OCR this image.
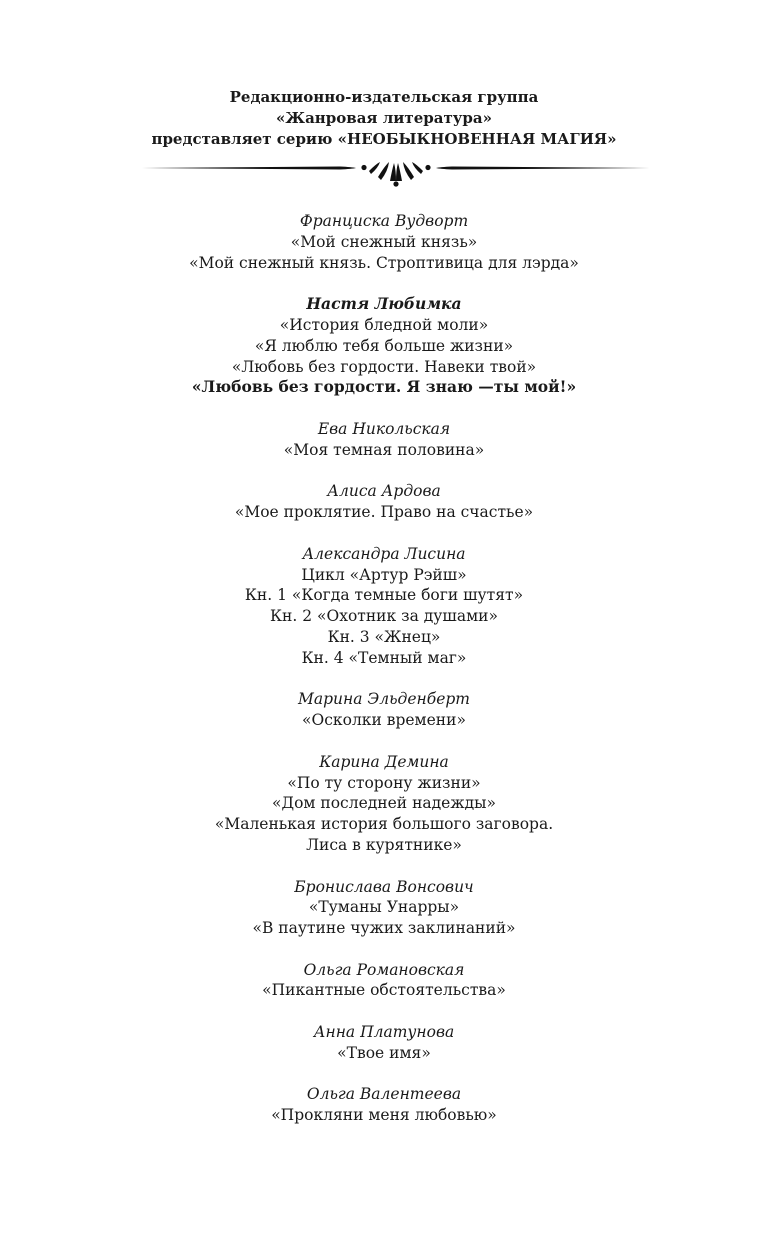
Редакционно-издательская группа
«Жанровая литература»
представляет серию «НЕОБЫКНОВЕННАЯ МАГИЯ»
Франциска Вудворт
«Мой снежный князь»
«Мой снежный князь. Строптивица для лэрда»
Настя Любимка
«История бледной моли»
«Я люблю тебя больше жизни»
«Любовь без гордости. Навеки твой»
«Любовь без гордости. Я знаю —ты мой!»
Ева Никольская
«Моя темная половина»
Алиса Ардова
«Мое проклятие. Право на счастье»
Александра Лисина
Цикл «Артур Рэйш»
Кн. 1 «Когда темные боги шутят»
Кн. 2 «Охотник за душами»
Кн. 3 «Жнец»
Кн. 4 «Темный маг»
Марина Эльденберт
«Осколки времени»
Карина Демина
«По ту сторону жизни»
«Дом последней надежды»
«Маленькая история большого заговора.
Лиса в курятнике»
Бронислава Вонсович
«Туманы Унарры»
«В паутине чужих заклинаний»
Ольга Романовская
«Пикантные обстоятельства»
Анна Платунова
«Твое имя»
Ольга Валентеева
«Прокляни меня любовью»
